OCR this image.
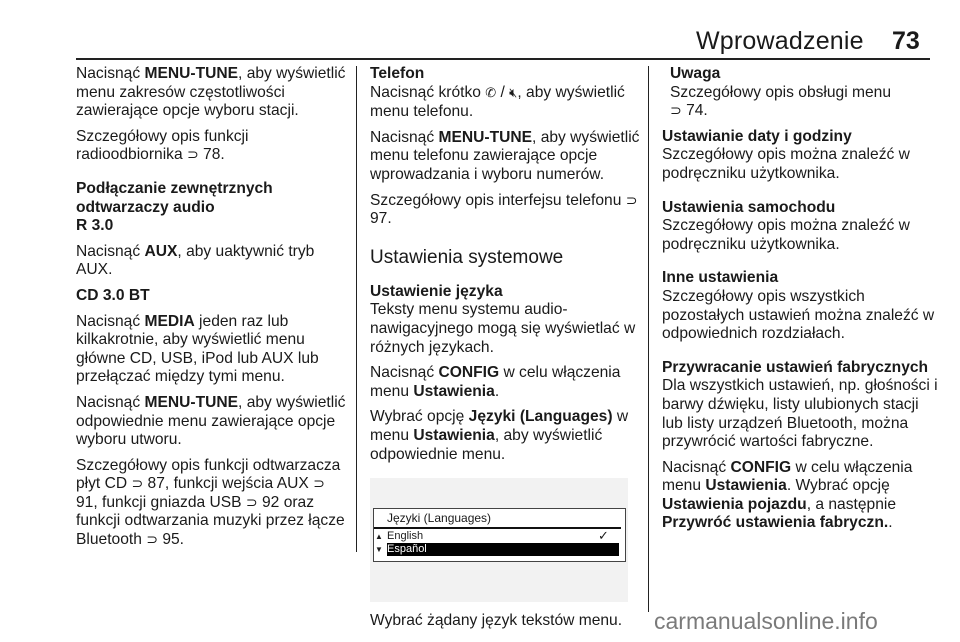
Wprowadzenie 73

Nacisnąć MENU-TUNE, aby wyświetlić menu zakresów częstotliwości zawierające opcje wyboru stacji.

Szczegółowy opis funkcji radioodbiornika ⊃ 78.

Podłączanie zewnętrznych odtwarzaczy audio

R 3.0

Nacisnąć AUX, aby uaktywnić tryb AUX.

CD 3.0 BT

Nacisnąć MEDIA jeden raz lub kilkakrotnie, aby wyświetlić menu główne CD, USB, iPod lub AUX lub przełączać między tymi menu.

Nacisnąć MENU-TUNE, aby wyświetlić odpowiednie menu zawierające opcje wyboru utworu.

Szczegółowy opis funkcji odtwarzacza płyt CD ⊃ 87, funkcji wejścia AUX ⊃ 91, funkcji gniazda USB ⊃ 92 oraz funkcji odtwarzania muzyki przez łącze Bluetooth ⊃ 95.

Telefon

Nacisnąć krótko ✆ / 🔇︎, aby wyświetlić menu telefonu.

Nacisnąć MENU-TUNE, aby wyświetlić menu telefonu zawierające opcje wprowadzania i wyboru numerów.

Szczegółowy opis interfejsu telefonu ⊃ 97.

Ustawienia systemowe

Ustawienie języka

Teksty menu systemu audio-nawigacyjnego mogą się wyświetlać w różnych językach.

Nacisnąć CONFIG w celu włączenia menu Ustawienia.

Wybrać opcję Języki (Languages) w menu Ustawienia, aby wyświetlić odpowiednie menu.

Języki (Languages)
▲ English	✓
▼ Español

Wybrać żądany język tekstów menu.

Uwaga

Szczegółowy opis obsługi menu
⊃ 74.

Ustawianie daty i godziny

Szczegółowy opis można znaleźć w podręczniku użytkownika.

Ustawienia samochodu

Szczegółowy opis można znaleźć w podręczniku użytkownika.

Inne ustawienia

Szczegółowy opis wszystkich pozostałych ustawień można znaleźć w odpowiednich rozdziałach.

Przywracanie ustawień fabrycznych

Dla wszystkich ustawień, np. głośności i barwy dźwięku, listy ulubionych stacji lub listy urządzeń Bluetooth, można przywrócić wartości fabryczne.

Nacisnąć CONFIG w celu włączenia menu Ustawienia. Wybrać opcję Ustawienia pojazdu, a następnie Przywróć ustawienia fabryczn..

carmanualsonline.info
